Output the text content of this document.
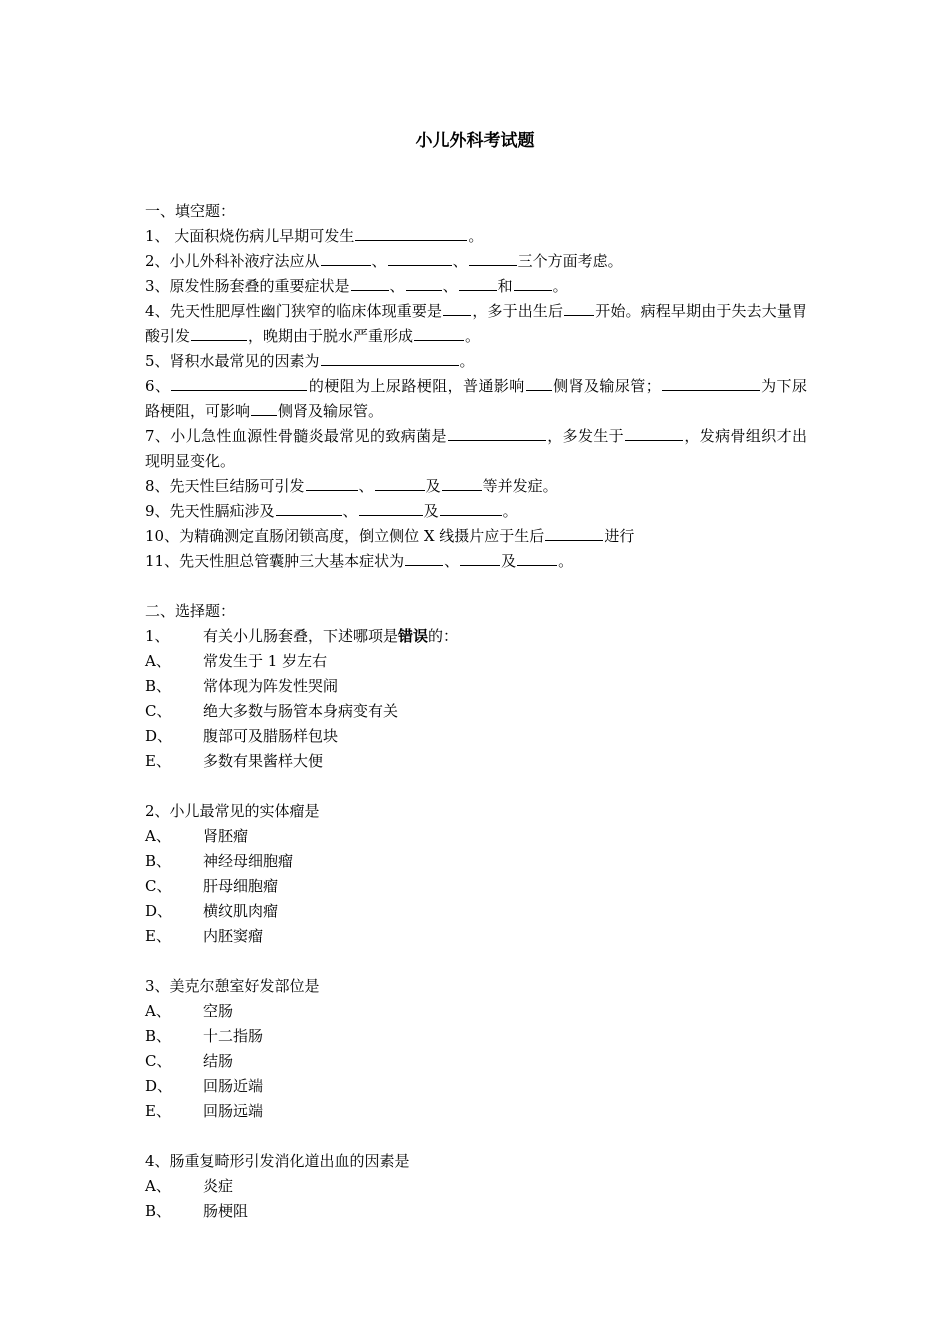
小儿外科考试题
一、填空题：
1、 大面积烧伤病儿早期可发生	。
2、小儿外科补液疗法应从	、	、	三个方面考虑。
3、原发性肠套叠的重要症状是	、	、	和	。
4、先天性肥厚性幽门狭窄的临床体现重要是 ，多于出生后 开始。病程早期由于失去大量胃酸引发	，晚期由于脱水严重形成	。
5、肾积水最常见的因素为	。
6、	的梗阻为上尿路梗阻，普通影响 侧肾及输尿管；	为下尿路梗阻，可影响 侧肾及输尿管。
7、小儿急性血源性骨髓炎最常见的致病菌是	，多发生于	，发病骨组织才出现明显变化。
8、先天性巨结肠可引发	、	及	等并发症。
9、先天性膈疝涉及	、	及	。
10、为精确测定直肠闭锁高度，倒立侧位 X 线摄片应于生后	进行
11、先天性胆总管囊肿三大基本症状为	、	及	。
二、选择题：
1、 有关小儿肠套叠，下述哪项是错误的：
A、 常发生于 1 岁左右
B、 常体现为阵发性哭闹
C、 绝大多数与肠管本身病变有关
D、 腹部可及腊肠样包块
E、 多数有果酱样大便
2、小儿最常见的实体瘤是
A、 肾胚瘤
B、 神经母细胞瘤
C、 肝母细胞瘤
D、 横纹肌肉瘤
E、 内胚窦瘤
3、美克尔憩室好发部位是
A、 空肠
B、 十二指肠
C、 结肠
D、 回肠近端
E、 回肠远端
4、肠重复畸形引发消化道出血的因素是
A、 炎症
B、 肠梗阻
